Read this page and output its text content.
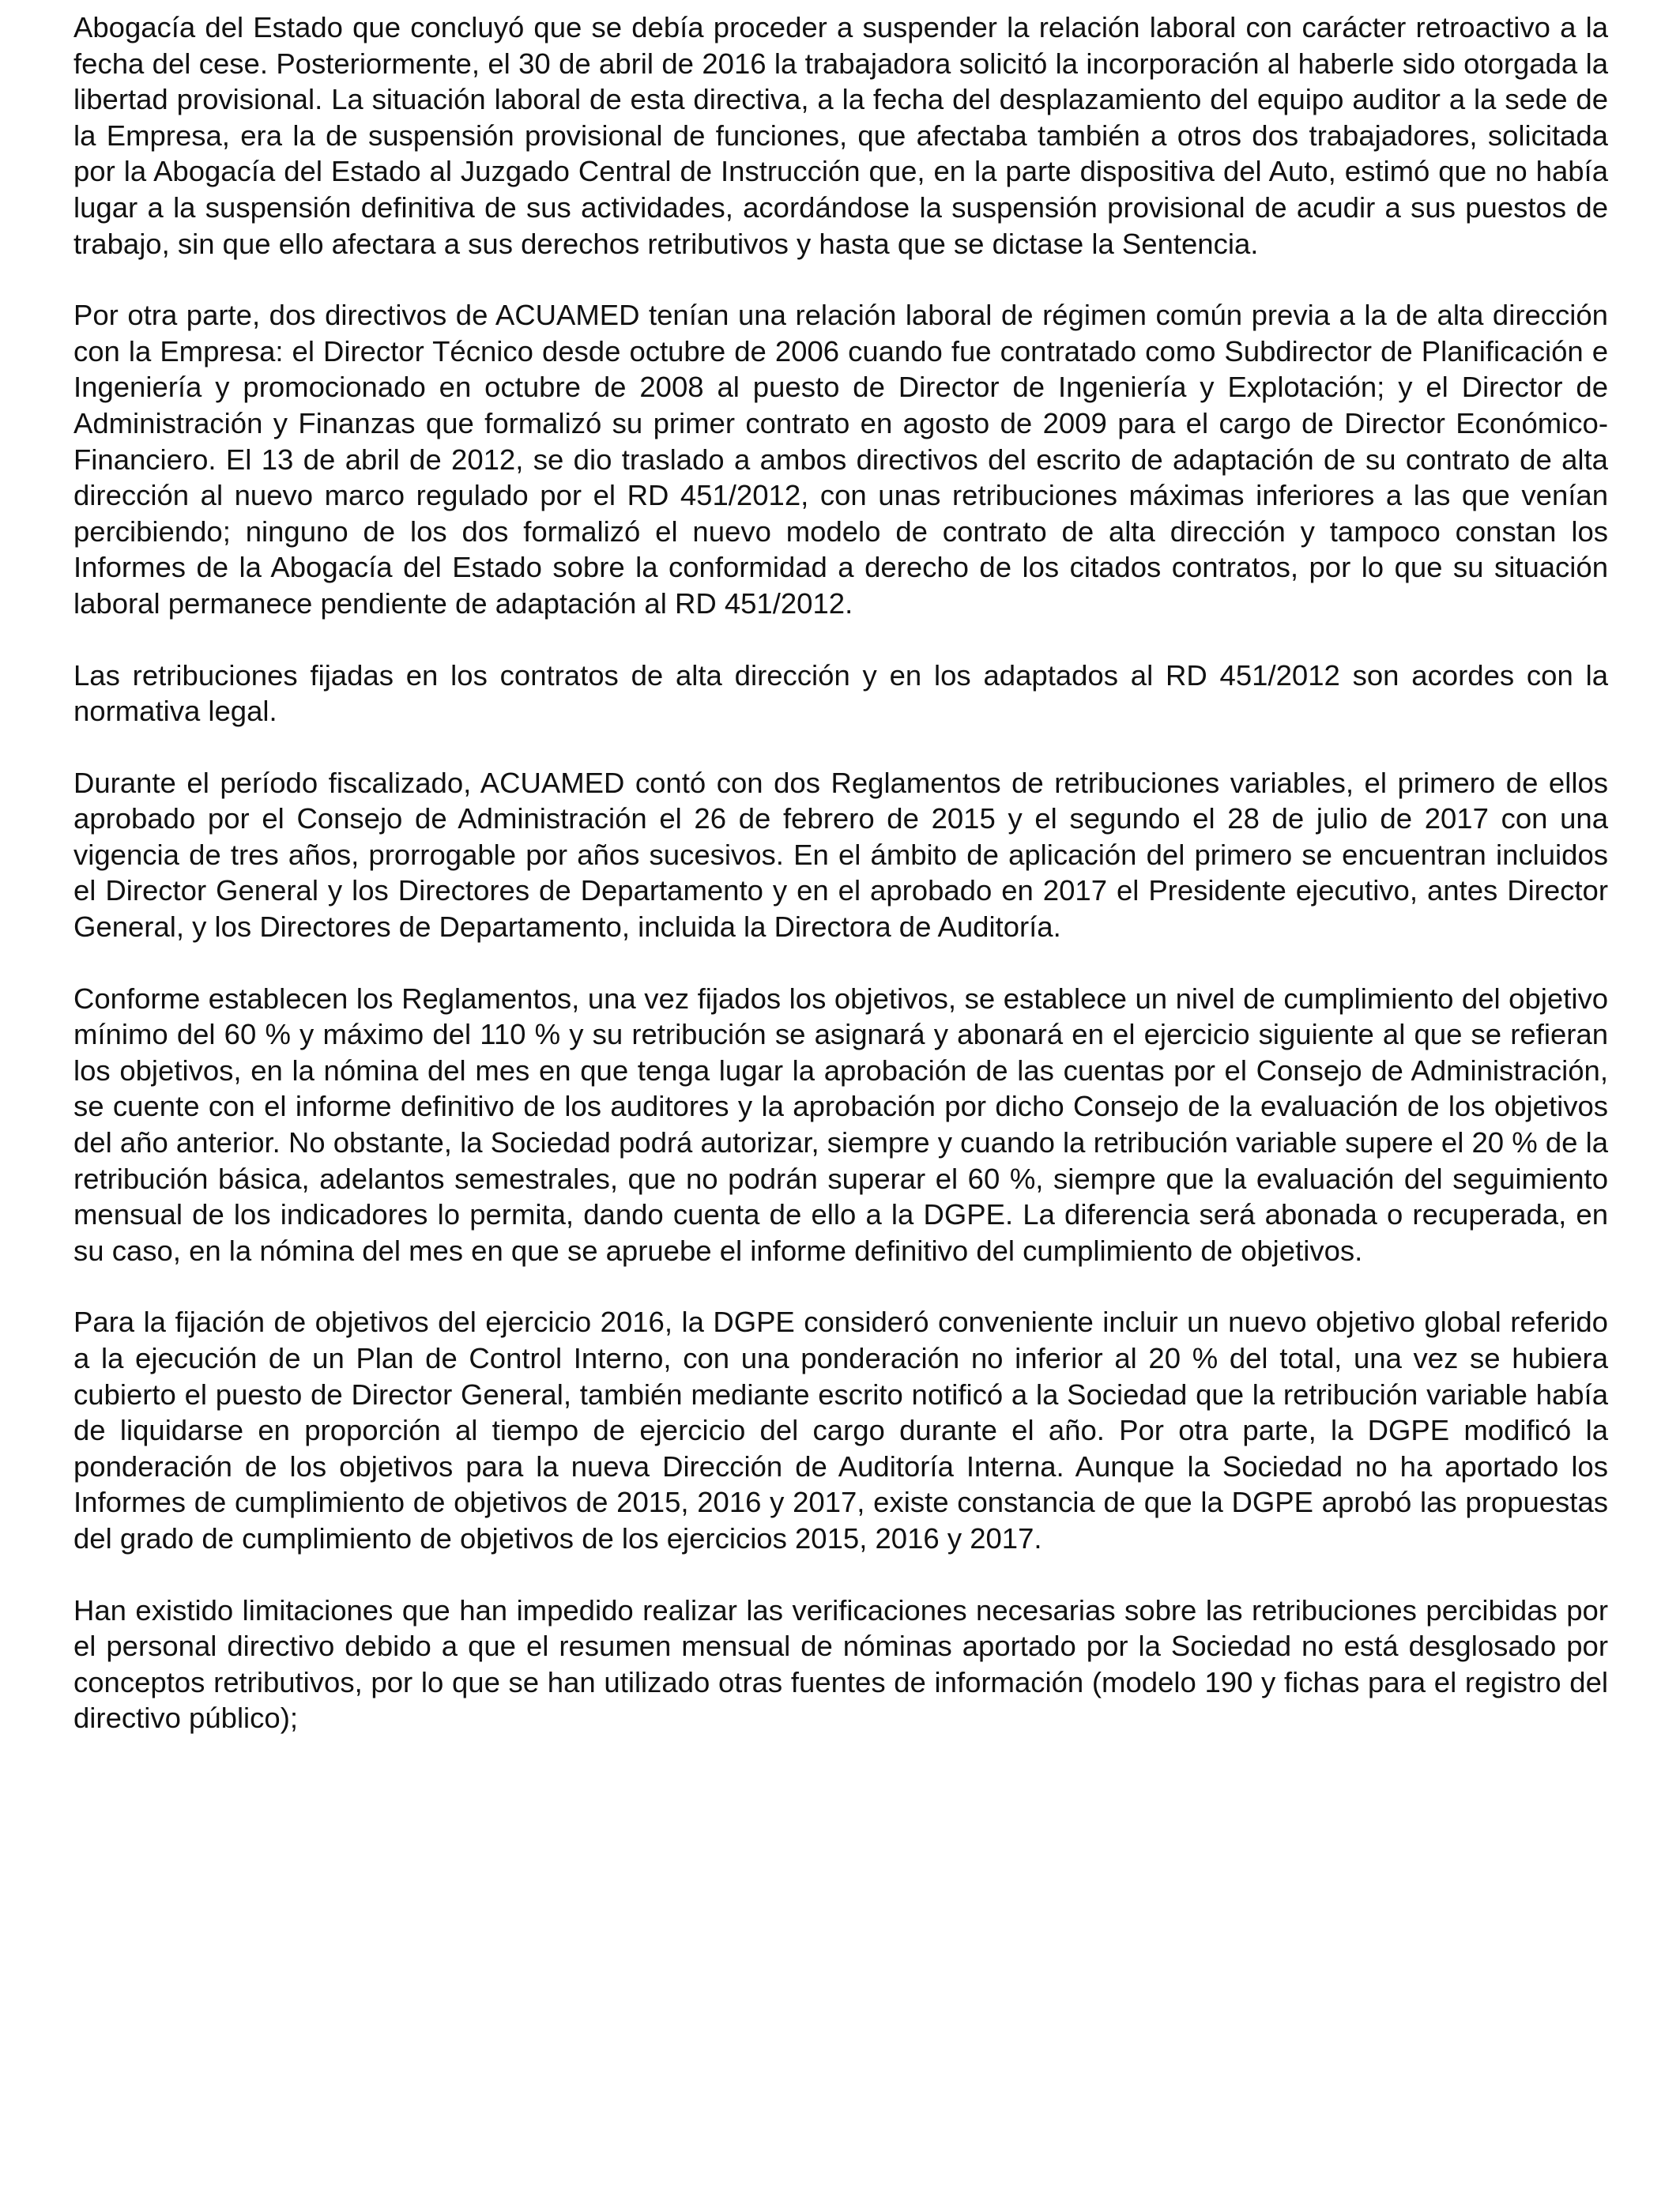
Abogacía del Estado que concluyó que se debía proceder a suspender la relación laboral con carácter retroactivo a la fecha del cese. Posteriormente, el 30 de abril de 2016 la trabajadora solicitó la incorporación al haberle sido otorgada la libertad provisional. La situación laboral de esta directiva, a la fecha del desplazamiento del equipo auditor a la sede de la Empresa, era la de suspensión provisional de funciones, que afectaba también a otros dos trabajadores, solicitada por la Abogacía del Estado al Juzgado Central de Instrucción que, en la parte dispositiva del Auto, estimó que no había lugar a la suspensión definitiva de sus actividades, acordándose la suspensión provisional de acudir a sus puestos de trabajo, sin que ello afectara a sus derechos retributivos y hasta que se dictase la Sentencia.

Por otra parte, dos directivos de ACUAMED tenían una relación laboral de régimen común previa a la de alta dirección con la Empresa: el Director Técnico desde octubre de 2006 cuando fue contratado como Subdirector de Planificación e Ingeniería y promocionado en octubre de 2008 al puesto de Director de Ingeniería y Explotación; y el Director de Administración y Finanzas que formalizó su primer contrato en agosto de 2009 para el cargo de Director Económico-Financiero. El 13 de abril de 2012, se dio traslado a ambos directivos del escrito de adaptación de su contrato de alta dirección al nuevo marco regulado por el RD 451/2012, con unas retribuciones máximas inferiores a las que venían percibiendo; ninguno de los dos formalizó el nuevo modelo de contrato de alta dirección y tampoco constan los Informes de la Abogacía del Estado sobre la conformidad a derecho de los citados contratos, por lo que su situación laboral permanece pendiente de adaptación al RD 451/2012.

Las retribuciones fijadas en los contratos de alta dirección y en los adaptados al RD 451/2012 son acordes con la normativa legal.

Durante el período fiscalizado, ACUAMED contó con dos Reglamentos de retribuciones variables, el primero de ellos aprobado por el Consejo de Administración el 26 de febrero de 2015 y el segundo el 28 de julio de 2017 con una vigencia de tres años, prorrogable por años sucesivos. En el ámbito de aplicación del primero se encuentran incluidos el Director General y los Directores de Departamento y en el aprobado en 2017 el Presidente ejecutivo, antes Director General, y los Directores de Departamento, incluida la Directora de Auditoría.

Conforme establecen los Reglamentos, una vez fijados los objetivos, se establece un nivel de cumplimiento del objetivo mínimo del 60 % y máximo del 110 % y su retribución se asignará y abonará en el ejercicio siguiente al que se refieran los objetivos, en la nómina del mes en que tenga lugar la aprobación de las cuentas por el Consejo de Administración, se cuente con el informe definitivo de los auditores y la aprobación por dicho Consejo de la evaluación de los objetivos del año anterior. No obstante, la Sociedad podrá autorizar, siempre y cuando la retribución variable supere el 20 % de la retribución básica, adelantos semestrales, que no podrán superar el 60 %, siempre que la evaluación del seguimiento mensual de los indicadores lo permita, dando cuenta de ello a la DGPE. La diferencia será abonada o recuperada, en su caso, en la nómina del mes en que se apruebe el informe definitivo del cumplimiento de objetivos.

Para la fijación de objetivos del ejercicio 2016, la DGPE consideró conveniente incluir un nuevo objetivo global referido a la ejecución de un Plan de Control Interno, con una ponderación no inferior al 20 % del total, una vez se hubiera cubierto el puesto de Director General, también mediante escrito notificó a la Sociedad que la retribución variable había de liquidarse en proporción al tiempo de ejercicio del cargo durante el año. Por otra parte, la DGPE modificó la ponderación de los objetivos para la nueva Dirección de Auditoría Interna. Aunque la Sociedad no ha aportado los Informes de cumplimiento de objetivos de 2015, 2016 y 2017, existe constancia de que la DGPE aprobó las propuestas del grado de cumplimiento de objetivos de los ejercicios 2015, 2016 y 2017.

Han existido limitaciones que han impedido realizar las verificaciones necesarias sobre las retribuciones percibidas por el personal directivo debido a que el resumen mensual de nóminas aportado por la Sociedad no está desglosado por conceptos retributivos, por lo que se han utilizado otras fuentes de información (modelo 190 y fichas para el registro del directivo público);
